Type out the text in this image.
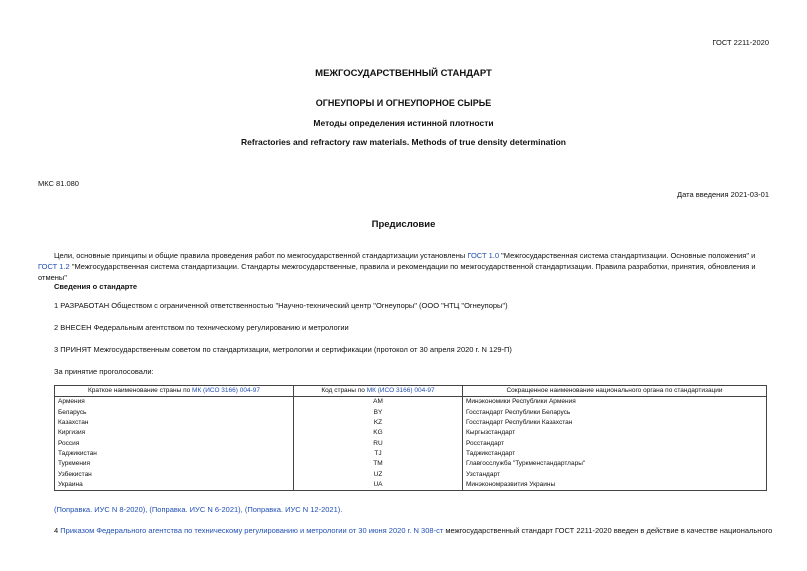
ГОСТ 2211-2020
МЕЖГОСУДАРСТВЕННЫЙ СТАНДАРТ
ОГНЕУПОРЫ И ОГНЕУПОРНОЕ СЫРЬЕ
Методы определения истинной плотности
Refractories and refractory raw materials. Methods of true density determination
МКС 81.080
Дата введения 2021-03-01
Предисловие
Цели, основные принципы и общие правила проведения работ по межгосударственной стандартизации установлены ГОСТ 1.0 "Межгосударственная система стандартизации. Основные положения" и ГОСТ 1.2 "Межгосударственная система стандартизации. Стандарты межгосударственные, правила и рекомендации по межгосударственной стандартизации. Правила разработки, принятия, обновления и отмены"
Сведения о стандарте
1 РАЗРАБОТАН Обществом с ограниченной ответственностью "Научно-технический центр "Огнеупоры" (ООО "НТЦ "Огнеупоры")
2 ВНЕСЕН Федеральным агентством по техническому регулированию и метрологии
3 ПРИНЯТ Межгосударственным советом по стандартизации, метрологии и сертификации (протокол от 30 апреля 2020 г. N 129-П)
За принятие проголосовали:
Краткое наименование страны по МК (ИСО 3166) 004-97	Код страны по МК (ИСО 3166) 004-97	Сокращенное наименование национального органа по стандартизации
Армения	AM	Минэкономики Республики Армения
Беларусь	BY	Госстандарт Республики Беларусь
Казахстан	KZ	Госстандарт Республики Казахстан
Киргизия	KG	Кыргызстандарт
Россия	RU	Росстандарт
Таджикистан	TJ	Таджикстандарт
Туркмения	TM	Главгосслужба "Туркменстандартлары"
Узбекистан	UZ	Узстандарт
Украина	UA	Минэкономразвития Украины
(Поправка. ИУС N 8-2020), (Поправка. ИУС N 6-2021), (Поправка. ИУС N 12-2021).
4 Приказом Федерального агентства по техническому регулированию и метрологии от 30 июня 2020 г. N 308-ст межгосударственный стандарт ГОСТ 2211-2020 введен в действие в качестве национального
